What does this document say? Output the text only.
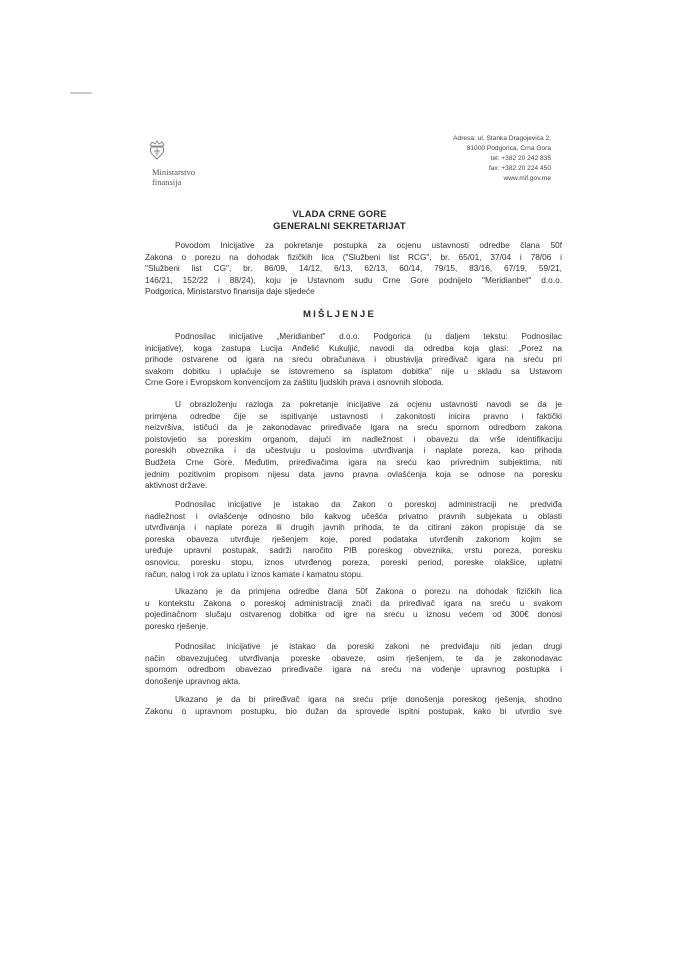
Ministarstvo
finansija
Adresa: ul. Stanka Dragojevića 2,
81000 Podgorica, Crna Gora
tel: +382 20 242 835
fax: +382 20 224 450
www.mif.gov.me
VLADA CRNE GORE
GENERALNI SEKRETARIJAT
Povodom Inicijative za pokretanje postupka za ocjenu ustavnosti odredbe člana 50f
Zakona o porezu na dohodak fizičkih lica ("Službeni list RCG", br. 65/01, 37/04 i 78/06 i
"Službeni list CG", br. 86/09, 14/12, 6/13, 62/13, 60/14, 79/15, 83/16, 67/19, 59/21,
146/21, 152/22 i 88/24), koju je Ustavnom sudu Crne Gore podnijelo "Meridianbet" d.o.o.
Podgorica, Ministarstvo finansija daje sljedeće
MIŠLJENJE
Podnosilac inicijative „Meridianbet" d.o.o. Podgorica (u daljem tekstu: Podnosilac
inicijative), koga zastupa Lucija Anđelić Kukuljić, navodi da odredba koja glasi: „Porez na
prihode ostvarene od igara na sreću obračunava i obustavlja priređivač igara na sreću pri
svakom dobitku i uplaćuje se istovremeno sa isplatom dobitka" nije u skladu sa Ustavom
Crne Gore i Evropskom konvencijom za zaštitu ljudskih prava i osnovnih sloboda.
U obrazloženju razloga za pokretanje inicijative za ocjenu ustavnosti navodi se da je
primjena odredbe čije se ispitivanje ustavnosti i zakonitosti inicira pravno i faktički
neizvršiva, ističući da je zakonodavac priređivače igara na sreću spornom odredbom zakona
poistovjetio sa poreskim organom, dajući im nadležnost i obavezu da vrše identifikaciju
poreskih obveznika i da učestvuju u poslovima utvrđivanja i naplate poreza, kao prihoda
Budžeta Crne Gore. Međutim, priređivačima igara na sreću kao privrednim subjektima, niti
jednim pozitivnim propisom nijesu data javno pravna ovlašćenja koja se odnose na poresku
aktivnost države.
Podnosilac inicijative je istakao da Zakon o poreskoj administraciji ne predviđa
nadležnost i ovlašćenje odnosno bilo kakvog učešća privatno pravnih subjekata u oblasti
utvrđivanja i naplate poreza ili drugih javnih prihoda, te da citirani zakon propisuje da se
poreska obaveza utvrđuje rješenjem koje, pored podataka utvrđenih zakonom kojim se
uređuje upravni postupak, sadrži naročito PIB poreskog obveznika, vrstu poreza, poresku
osnovicu, poresku stopu, iznos utvrđenog poreza, poreski period, poreske olakšice, uplatni
račun, nalog i rok za uplatu i iznos kamate i kamatnu stopu.
Ukazano je da primjena odredbe člana 50f Zakona o porezu na dohodak fizičkih lica
u kontekstu Zakona o poreskoj administraciji znači da priređivač igara na sreću u svakom
pojedinačnom slučaju ostvarenog dobitka od igre na sreću u iznosu većem od 300€ donosi
poresko rješenje.
Podnosilac inicijative je istakao da poreski zakoni ne predviđaju niti jedan drugi
način obavezujućeg utvrđivanja poreske obaveze, osim rješenjem, te da je zakonodavac
spornom odredbom obavezao priređivače igara na sreću na vođenje upravnog postupka i
donošenje upravnog akta.
Ukazano je da bi priređivač igara na sreću prije donošenja poreskog rješenja, shodno
Zakonu o upravnom postupku, bio dužan da sprovede ispitni postupak, kako bi utvrdio sve
